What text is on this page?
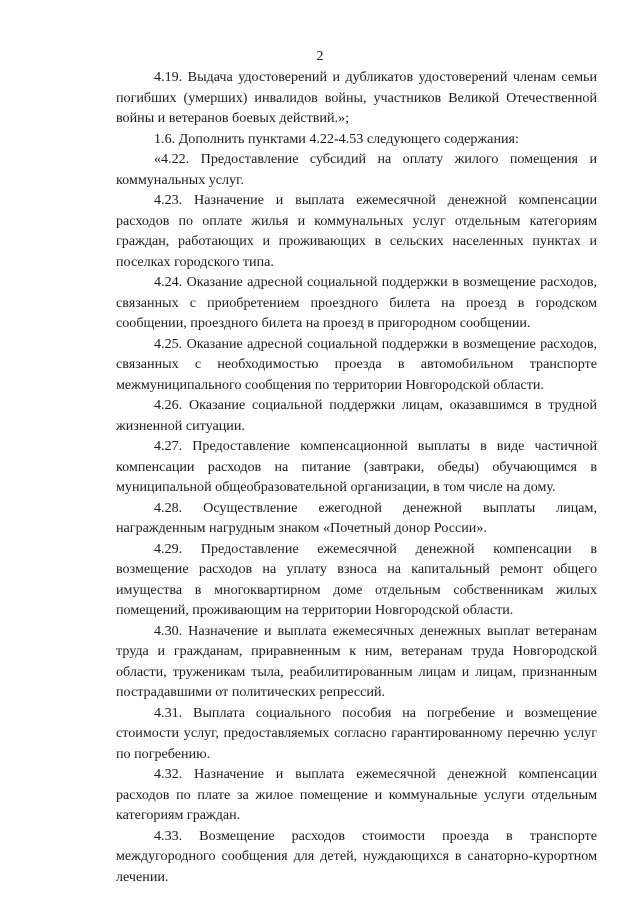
2

4.19. Выдача удостоверений и дубликатов удостоверений членам семьи погибших (умерших) инвалидов войны, участников Великой Отечественной войны и ветеранов боевых действий.»;

1.6. Дополнить пунктами 4.22-4.53 следующего содержания:

«4.22. Предоставление субсидий на оплату жилого помещения и коммунальных услуг.

4.23. Назначение и выплата ежемесячной денежной компенсации расходов по оплате жилья и коммунальных услуг отдельным категориям граждан, работающих и проживающих в сельских населенных пунктах и поселках городского типа.

4.24. Оказание адресной социальной поддержки в возмещение расходов, связанных с приобретением проездного билета на проезд в городском сообщении, проездного билета на проезд в пригородном сообщении.

4.25. Оказание адресной социальной поддержки в возмещение расходов, связанных с необходимостью проезда в автомобильном транспорте межмуниципального сообщения по территории Новгородской области.

4.26. Оказание социальной поддержки лицам, оказавшимся в трудной жизненной ситуации.

4.27. Предоставление компенсационной выплаты в виде частичной компенсации расходов на питание (завтраки, обеды) обучающимся в муниципальной общеобразовательной организации, в том числе на дому.

4.28. Осуществление ежегодной денежной выплаты лицам, награжденным нагрудным знаком «Почетный донор России».

4.29. Предоставление ежемесячной денежной компенсации в возмещение расходов на уплату взноса на капитальный ремонт общего имущества в многоквартирном доме отдельным собственникам жилых помещений, проживающим на территории Новгородской области.

4.30. Назначение и выплата ежемесячных денежных выплат ветеранам труда и гражданам, приравненным к ним, ветеранам труда Новгородской области, труженикам тыла, реабилитированным лицам и лицам, признанным пострадавшими от политических репрессий.

4.31. Выплата социального пособия на погребение и возмещение стоимости услуг, предоставляемых согласно гарантированному перечню услуг по погребению.

4.32. Назначение и выплата ежемесячной денежной компенсации расходов по плате за жилое помещение и коммунальные услуги отдельным категориям граждан.

4.33. Возмещение расходов стоимости проезда в транспорте междугородного сообщения для детей, нуждающихся в санаторно-курортном лечении.
